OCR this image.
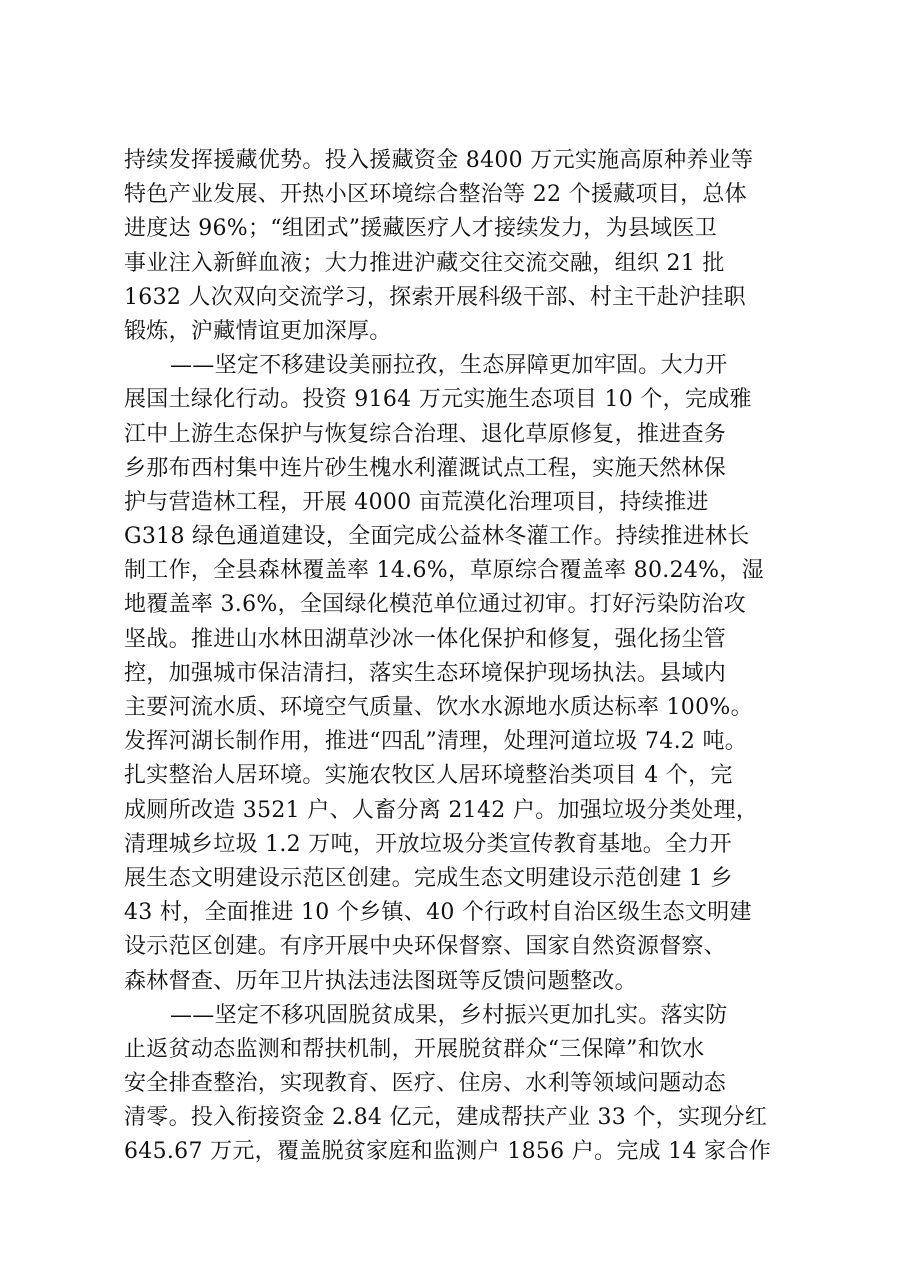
持续发挥援藏优势。投入援藏资金 8400 万元实施高原种养业等
特色产业发展、开热小区环境综合整治等 22 个援藏项目，总体
进度达 96%；“组团式”援藏医疗人才接续发力，为县域医卫
事业注入新鲜血液；大力推进沪藏交往交流交融，组织 21 批
1632 人次双向交流学习，探索开展科级干部、村主干赴沪挂职
锻炼，沪藏情谊更加深厚。
——坚定不移建设美丽拉孜，生态屏障更加牢固。大力开
展国土绿化行动。投资 9164 万元实施生态项目 10 个，完成雅
江中上游生态保护与恢复综合治理、退化草原修复，推进查务
乡那布西村集中连片砂生槐水利灌溉试点工程，实施天然林保
护与营造林工程，开展 4000 亩荒漠化治理项目，持续推进
G318 绿色通道建设，全面完成公益林冬灌工作。持续推进林长
制工作，全县森林覆盖率 14.6%，草原综合覆盖率 80.24%，湿
地覆盖率 3.6%，全国绿化模范单位通过初审。打好污染防治攻
坚战。推进山水林田湖草沙冰一体化保护和修复，强化扬尘管
控，加强城市保洁清扫，落实生态环境保护现场执法。县域内
主要河流水质、环境空气质量、饮水水源地水质达标率 100%。
发挥河湖长制作用，推进“四乱”清理，处理河道垃圾 74.2 吨。
扎实整治人居环境。实施农牧区人居环境整治类项目 4 个，完
成厕所改造 3521 户、人畜分离 2142 户。加强垃圾分类处理，
清理城乡垃圾 1.2 万吨，开放垃圾分类宣传教育基地。全力开
展生态文明建设示范区创建。完成生态文明建设示范创建 1 乡
43 村，全面推进 10 个乡镇、40 个行政村自治区级生态文明建
设示范区创建。有序开展中央环保督察、国家自然资源督察、
森林督查、历年卫片执法违法图斑等反馈问题整改。
——坚定不移巩固脱贫成果，乡村振兴更加扎实。落实防
止返贫动态监测和帮扶机制，开展脱贫群众“三保障”和饮水
安全排查整治，实现教育、医疗、住房、水利等领域问题动态
清零。投入衔接资金 2.84 亿元，建成帮扶产业 33 个，实现分红
645.67 万元，覆盖脱贫家庭和监测户 1856 户。完成 14 家合作
